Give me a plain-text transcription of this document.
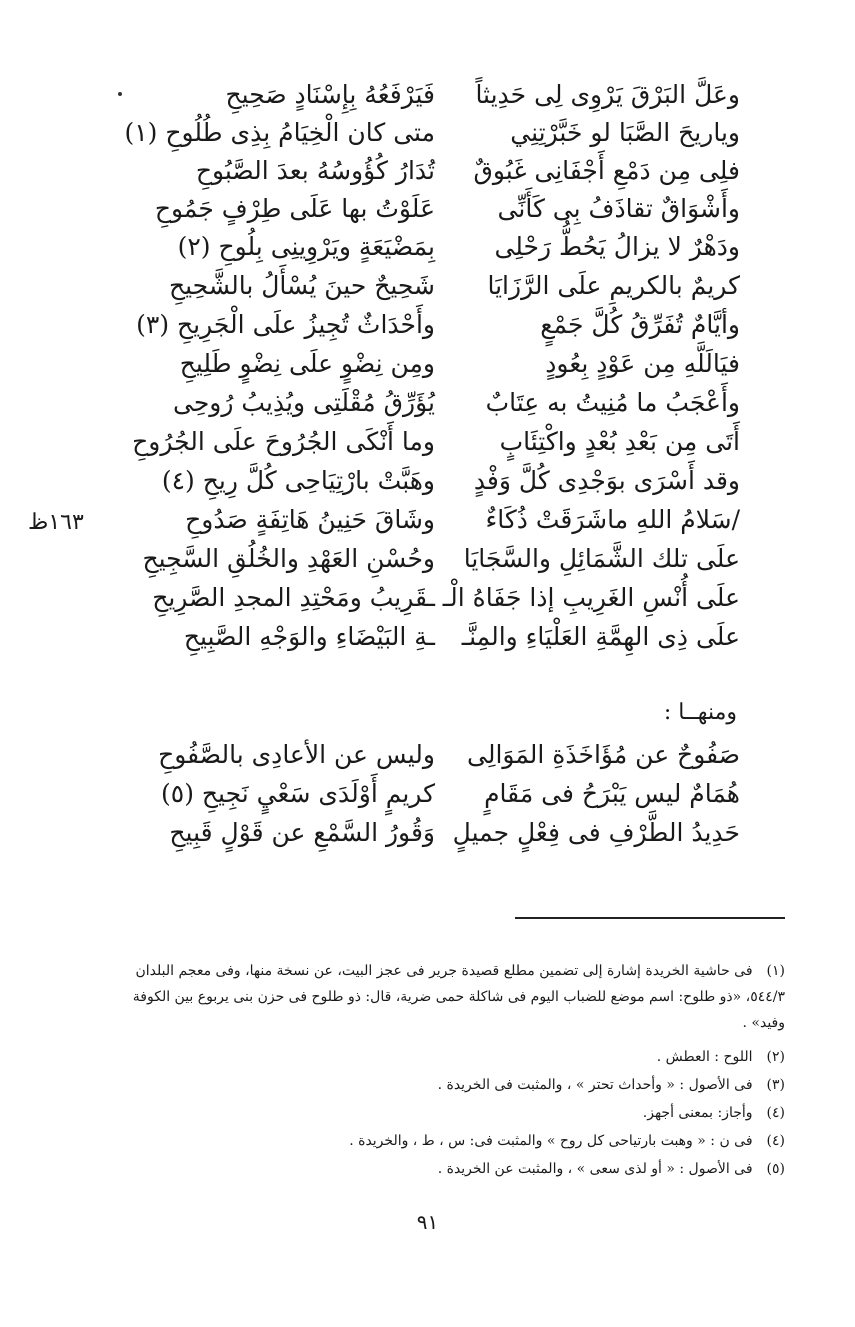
١٦٣ظ
وعَلَّ البَرْقَ يَرْوِى لِى حَدِيثاً
فَيَرْفَعُهُ بِإِسْنَادٍ صَحِيحِ
وياريحَ الصَّبَا لو خَبَّرْتِنِي
متى كان الْخِيَامُ بِذِى طُلُوحِ (١)
فلِى مِن دَمْعِ أَجْفَانِى غَبُوقٌ
تُدَارُ كُؤُوسُهُ بعدَ الصَّبُوحِ
وأَشْوَاقٌ تقاذَفُ بِى كَأَنِّى
عَلَوْتُ بها عَلَى طِرْفٍ جَمُوحِ
ودَهْرٌ لا يزالُ يَحُطُّ رَحْلِى
بِمَضْيَعَةٍ ويَرْوِينِى بِلُوحِ (٢)
كريمٌ بالكريمِ علَى الرَّزَايَا
شَحِيحٌ حينَ يُسْأَلُ بالشَّحِيحِ
وأيَّامٌ تُفَرِّقُ كُلَّ جَمْعٍ
وأَحْدَاثٌ تُجِيزُ علَى الْجَرِيحِ (٣)
فيَالَلَّهِ مِن عَوْدٍ بِعُودٍ
ومِن نِضْوٍ علَى نِضْوٍ طَلِيحِ
وأَعْجَبُ ما مُنِيتُ به عِتَابٌ
يُؤَرِّقُ مُقْلَتِى ويُذِيبُ رُوحِى
أَتَى مِن بَعْدِ بُعْدٍ واكْتِئَابٍ
وما أَنْكَى الجُرُوحَ علَى الجُرُوحِ
وقد أَسْرَى بوَجْدِى كُلَّ وَفْدٍ
وهَبَّتْ بارْتِيَاحِى كُلَّ رِيحِ (٤)
/سَلامُ اللهِ ماشَرَقَتْ ذُكَاءٌ
وشَاقَ حَنِينُ هَاتِفَةٍ صَدُوحِ
علَى تلك الشَّمَائِلِ والسَّجَايَا
وحُسْنِ العَهْدِ والخُلُقِ السَّجِيحِ
علَى أُنْسِ الغَرِيبِ إذا جَفَاهُ الْـ
ـقَرِيبُ ومَحْتِدِ المجدِ الصَّرِيحِ
علَى ذِى الهِمَّةِ العَلْيَاءِ والمِنَّـ
ـةِ البَيْضَاءِ والوَجْهِ الصَّبِيحِ
ومنهــا :
صَفُوحٌ عن مُؤَاخَذَةِ المَوَالِى
وليس عن الأعادِى بالصَّفُوحِ
هُمَامٌ ليس يَبْرَحُ فى مَقَامٍ
كريمٍ أَوْلَدَى سَعْيٍ نَجِيحِ (٥)
حَدِيدُ الطَّرْفِ فى فِعْلٍ جميلٍ
وَقُورُ السَّمْعِ عن قَوْلٍ قَبِيحِ
(١) فى حاشية الخريدة إشارة إلى تضمين مطلع قصيدة جرير فى عجز البيت، عن نسخة منها، وفى معجم البلدان ٥٤٤/٣، «ذو طلوح: اسم موضع للضباب اليوم فى شاكلة حمى ضرية، قال: ذو طلوح فى حزن بنى يربوع بين الكوفة وفيد» .
(٢) اللوح : العطش .
(٣) فى الأصول : « وأحداث تحتر » ، والمثبت فى الخريدة .
(٤) وأجاز: بمعنى أجهز.
(٤) فى ن : « وهبت بارتياحى كل روح » والمثبت فى: س ، ط ، والخريدة .
(٥) فى الأصول : « أو لذى سعى » ، والمثبت عن الخريدة .
٩١
